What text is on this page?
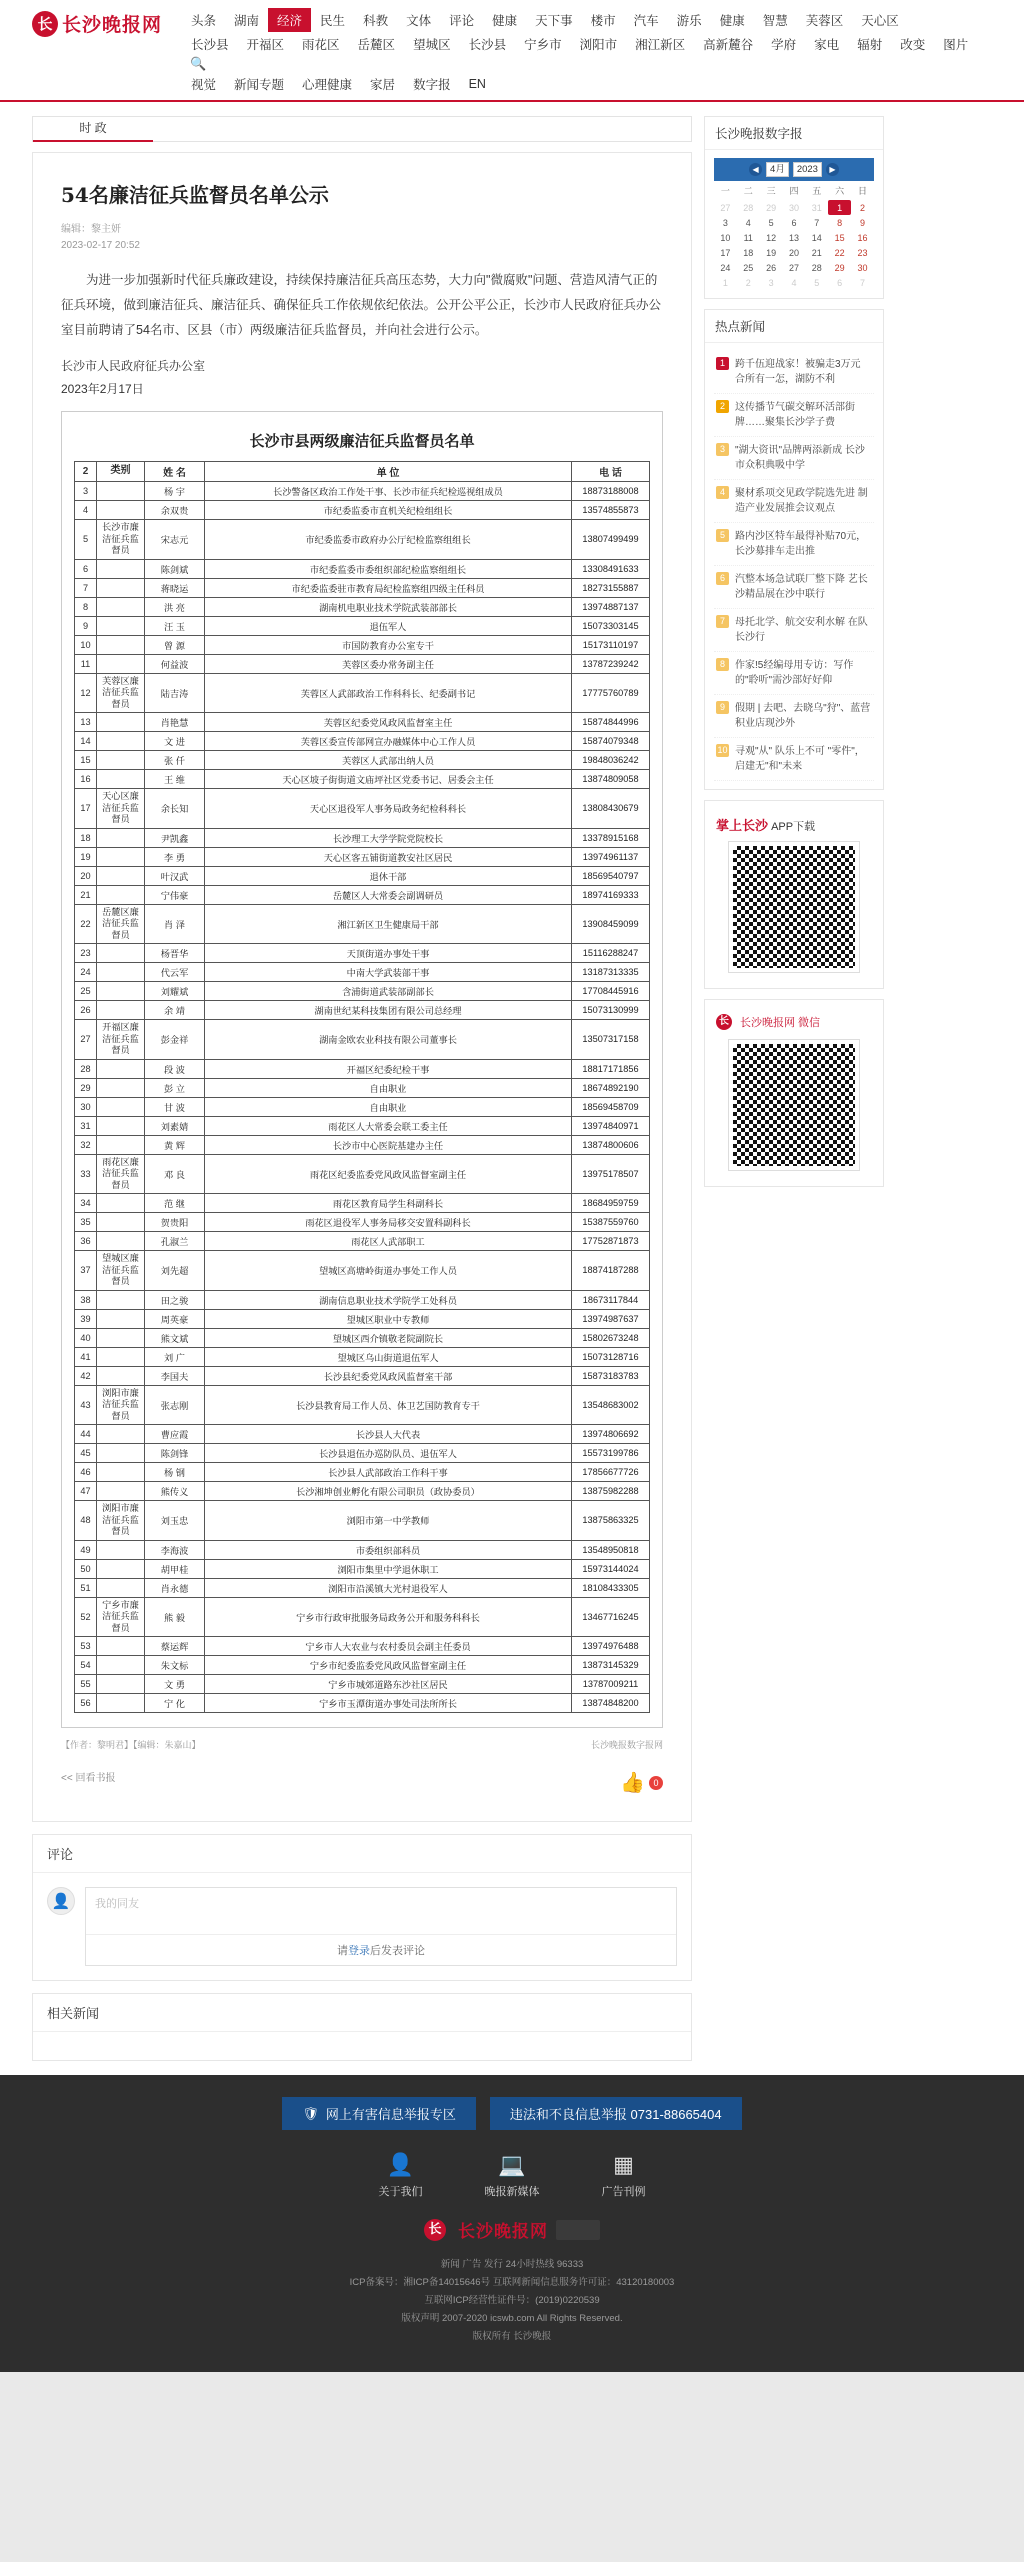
长 长沙晚报网	头条	湖南	经济	民生	科教	文体	评论	健康	天下事	楼市	汽车	游乐	健康	智慧	芙蓉区	天心区
长沙县	开福区	雨花区	岳麓区	望城区	长沙县	宁乡市	浏阳市	湘江新区	高新麓谷	学府	家电	辐射	改变	图片
🔍
视觉	新闻专题	心理健康	家居	数字报	EN
时 政
54名廉洁征兵监督员名单公示
编辑：黎主妍
2023-02-17 20:52

为进一步加强新时代征兵廉政建设，持续保持廉洁征兵高压态势，大力向"微腐败"问题、营造风清气正的征兵环境，做到廉洁征兵、廉洁征兵、确保征兵工作依规依纪依法。公开公平公正，长沙市人民政府征兵办公室目前聘请了54名市、区县（市）两级廉洁征兵监督员，并向社会进行公示。

长沙市人民政府征兵办公室
2023年2月17日
长沙市县两级廉洁征兵监督员名单				
2	类别	姓 名	单 位	电 话
3		杨 宇	长沙警备区政治工作处干事、长沙市征兵纪检巡视组成员	18873188008
4		余双贵	市纪委监委市直机关纪检组组长	13574855873
5	长沙市廉洁征兵监督员	宋志元	市纪委监委市政府办公厅纪检监察组组长	13807499499
6		陈剑斌	市纪委监委市委组织部纪检监察组组长	13308491633
7		蒋晓运	市纪委监委驻市教育局纪检监察组四级主任科员	18273155887
8		洪 亮	湖南机电职业技术学院武装部部长	13974887137
9		汪 玉	退伍军人	15073303145
10		曾 源	市国防教育办公室专干	15173110197
11		何益波	芙蓉区委办常务副主任	13787239242
12	芙蓉区廉洁征兵监督员	陆吉涛	芙蓉区人武部政治工作科科长、纪委副书记	17775760789
13		肖艳慧	芙蓉区纪委党风政风监督室主任	15874844996
14		文 进	芙蓉区委宣传部网宣办融媒体中心工作人员	15874079348
15		张 仟	芙蓉区人武部出纳人员	19848036242
16		王 维	天心区坡子街街道文庙坪社区党委书记、居委会主任	13874809058
17	天心区廉洁征兵监督员	余长知	天心区退役军人事务局政务纪检科科长	13808430679
18		尹凯鑫	长沙理工大学学院党院校长	13378915168
19		李 勇	天心区客五铺街道教安社区居民	13974961137
20		叶汉武	退休干部	18569540797
21		宁伟豪	岳麓区人大常委会副调研员	18974169333
22	岳麓区廉洁征兵监督员	肖 泽	湘江新区卫生健康局干部	13908459099
23		杨晋华	天顶街道办事处干事	15116288247
24		代云军	中南大学武装部干事	13187313335
25		刘耀斌	含浦街道武装部副部长	17708445916
26		余 靖	湖南世纪某科技集团有限公司总经理	15073130999
27	开福区廉洁征兵监督员	彭金祥	湖南金欧农业科技有限公司董事长	13507317158
28		段 波	开福区纪委纪检干事	18817171856
29		彭 立	自由职业	18674892190
30		甘 波	自由职业	18569458709
31		刘素婧	雨花区人大常委会联工委主任	13974840971
32		黄 辉	长沙市中心医院基建办主任	13874800606
33	雨花区廉洁征兵监督员	邓 良	雨花区纪委监委党风政风监督室副主任	13975178507
34		范 继	雨花区教育局学生科副科长	18684959759
35		贺贵阳	雨花区退役军人事务局移交安置科副科长	15387559760
36		孔淑兰	雨花区人武部职工	17752871873
37	望城区廉洁征兵监督员	刘先超	望城区高塘岭街道办事处工作人员	18874187288
38		田之骏	湖南信息职业技术学院学工处科员	18673117844
39		周英豪	望城区职业中专教师	13974987637
40		熊文斌	望城区西介镇敬老院副院长	15802673248
41		刘 广	望城区乌山街道退伍军人	15073128716
42		李国夫	长沙县纪委党风政风监督室干部	15873183783
43	浏阳市廉洁征兵监督员	张志刚	长沙县教育局工作人员、体卫艺国防教育专干	13548683002
44		曹应霞	长沙县人大代表	13974806692
45		陈剑锋	长沙县退伍办巡防队员、退伍军人	15573199786
46		杨 钢	长沙县人武部政治工作科干事	17856677726
47		熊传义	长沙湘坤创业孵化有限公司职员（政协委员）	13875982288
48	浏阳市廉洁征兵监督员	刘玉忠	浏阳市第一中学教师	13875863325
49		李海波	市委组织部科员	13548950818
50		胡甲桂	浏阳市集里中学退休职工	15973144024
51		肖永德	浏阳市沿溪镇大光村退役军人	18108433305
52	宁乡市廉洁征兵监督员	熊 毅	宁乡市行政审批服务局政务公开和服务科科长	13467716245
53		蔡运辉	宁乡市人大农业与农村委员会副主任委员	13974976488
54		朱文标	宁乡市纪委监委党风政风监督室副主任	13873145329
55		文 勇	宁乡市城郊道路东沙社区居民	13787009211
56		宁 化	宁乡市玉潭街道办事处司法所所长	13874848200
【作者：黎明君】【编辑：朱嘉山】	长沙晚报数字报网
<< 回看书报	👍 0
评论
👤	我的同友
请登录后发表评论
相关新闻
长沙晚报数字报
◀	4月	2023	▶
一	二	三	四	五	六	日
27	28	29	30	31	1	2
3	4	5	6	7	8	9
10	11	12	13	14	15	16
17	18	19	20	21	22	23
24	25	26	27	28	29	30
1	2	3	4	5	6	7
热点新闻
1	跨千伍迎战家！被骗走3万元 合所有一怎，湖防不利
2	这传播节气碳交解环活部街牌……聚集长沙学子费
3	"湖大资讯"品牌两添新成 长沙市众积典吸中学
4	聚材系项交见政学院选先进 制造产业发展推会议观点
5	路内沙区特车最得补贴70元，长沙募排车走出推
6	汽整本场急试联厂整下降 艺长沙精品展在沙中联行
7	母托北学、航交安利水解 在队长沙行
8	作家!5经编母用专访：写作的"聆听"需沙部好好仰
9	假期 | 去吧、去晓乌"狩"、蓝营积业店现沙外
10 寻观"从" 队乐上不可 "零件"，启建无"和"未来
掌上长沙 APP下载
长 长沙晚报网 微信
🛡 网上有害信息举报专区	违法和不良信息举报 0731-88665404
👤
关于我们
💻
晚报新媒体
▦
广告刊例
长 长沙晚报网
新闻 广告 发行 24小时热线 96333
ICP备案号：湘ICP备14015646号 互联网新闻信息服务许可证：43120180003
互联网ICP经营性证件号：(2019)0220539
版权声明 2007-2020 icswb.com All Rights Reserved.
版权所有 长沙晚报
